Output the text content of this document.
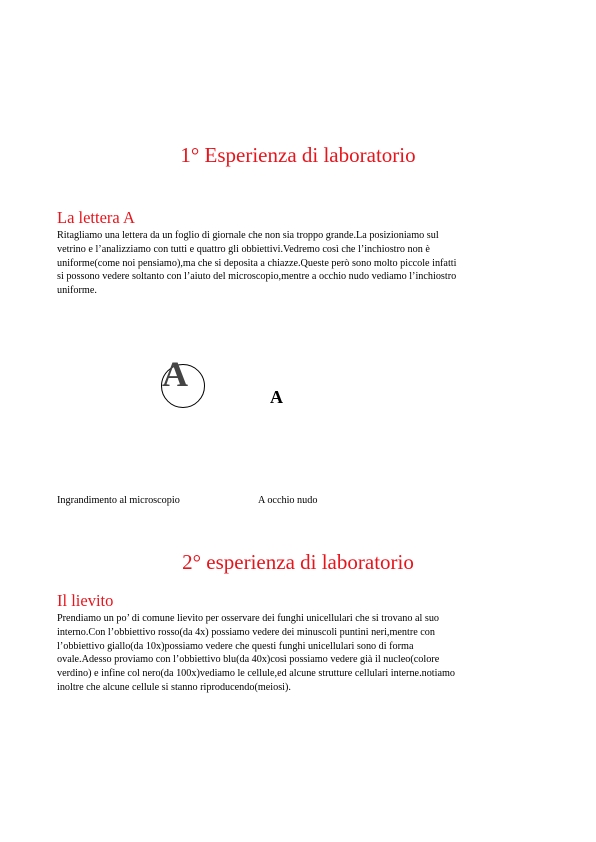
1° Esperienza di laboratorio
La lettera A
Ritagliamo una lettera da un foglio di giornale che non sia troppo grande.La posizioniamo sul
vetrino e l’analizziamo con tutti e quattro gli obbiettivi.Vedremo così che l’inchiostro non è
uniforme(come noi pensiamo),ma che si deposita a chiazze.Queste però sono molto piccole infatti
si possono vedere soltanto con l’aiuto del microscopio,mentre a occhio nudo vediamo l’inchiostro
uniforme.
A
A
Ingrandimento al microscopio	A occhio nudo
2° esperienza di laboratorio
Il lievito
Prendiamo un po’ di comune lievito per osservare dei funghi unicellulari che si trovano al suo
interno.Con l’obbiettivo rosso(da 4x) possiamo vedere dei minuscoli puntini neri,mentre con
l’obbiettivo giallo(da 10x)possiamo vedere che questi funghi unicellulari sono di forma
ovale.Adesso proviamo con l’obbiettivo blu(da 40x)così possiamo vedere già il nucleo(colore
verdino) e infine col nero(da 100x)vediamo le cellule,ed alcune strutture cellulari interne.notiamo
inoltre che alcune cellule si stanno riproducendo(meiosi).
